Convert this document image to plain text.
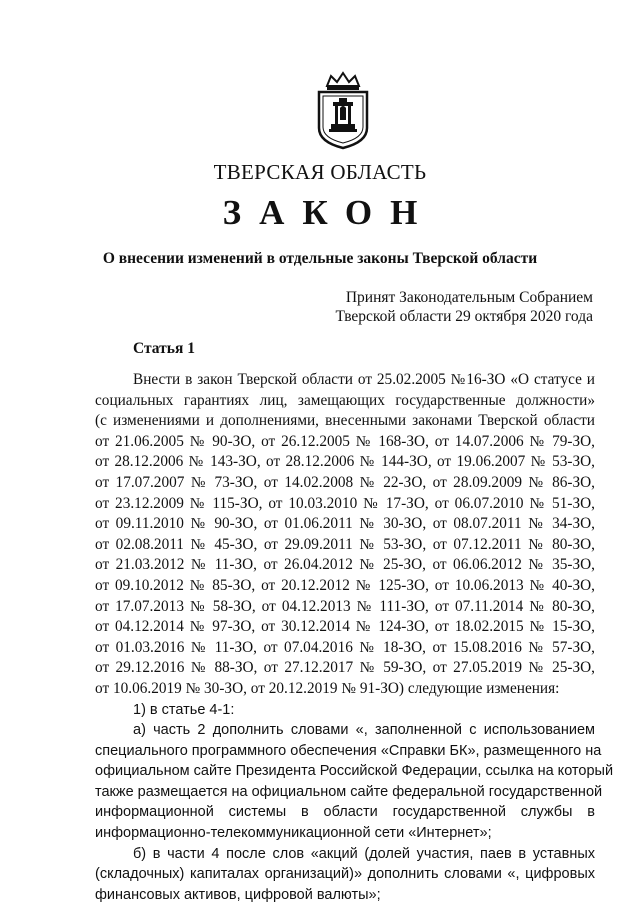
ТВЕРСКАЯ ОБЛАСТЬ
ЗАКОН
О внесении изменений в отдельные законы Тверской области
Принят Законодательным Собранием
Тверской области 29 октября 2020 года
Статья 1
Внести в закон Тверской области от 25.02.2005 №16-ЗО «О статусе и
социальных гарантиях лиц, замещающих государственные должности»
(с изменениями и дополнениями, внесенными законами Тверской области
от 21.06.2005 № 90-ЗО, от 26.12.2005 № 168-ЗО, от 14.07.2006 № 79-ЗО,
от 28.12.2006 № 143-ЗО, от 28.12.2006 № 144-ЗО, от 19.06.2007 № 53-ЗО,
от 17.07.2007 № 73-ЗО, от 14.02.2008 № 22-ЗО, от 28.09.2009 № 86-ЗО,
от 23.12.2009 № 115-ЗО, от 10.03.2010 № 17-ЗО, от 06.07.2010 № 51-ЗО,
от 09.11.2010 № 90-ЗО, от 01.06.2011 № 30-ЗО, от 08.07.2011 № 34-ЗО,
от 02.08.2011 № 45-ЗО, от 29.09.2011 № 53-ЗО, от 07.12.2011 № 80-ЗО,
от 21.03.2012 № 11-ЗО, от 26.04.2012 № 25-ЗО, от 06.06.2012 № 35-ЗО,
от 09.10.2012 № 85-ЗО, от 20.12.2012 № 125-ЗО, от 10.06.2013 № 40-ЗО,
от 17.07.2013 № 58-ЗО, от 04.12.2013 № 111-ЗО, от 07.11.2014 № 80-ЗО,
от 04.12.2014 № 97-ЗО, от 30.12.2014 № 124-ЗО, от 18.02.2015 № 15-ЗО,
от 01.03.2016 № 11-ЗО, от 07.04.2016 № 18-ЗО, от 15.08.2016 № 57-ЗО,
от 29.12.2016 № 88-ЗО, от 27.12.2017 № 59-ЗО, от 27.05.2019 № 25-ЗО,
от 10.06.2019 № 30-ЗО, от 20.12.2019 № 91-ЗО) следующие изменения:
1) в статье 4-1:
а) часть 2 дополнить словами «, заполненной с использованием
специального программного обеспечения «Справки БК», размещенного на
официальном сайте Президента Российской Федерации, ссылка на который
также размещается на официальном сайте федеральной государственной
информационной системы в области государственной службы в
информационно-телекоммуникационной сети «Интернет»;
б) в части 4 после слов «акций (долей участия, паев в уставных
(складочных) капиталах организаций)» дополнить словами «, цифровых
финансовых активов, цифровой валюты»;
